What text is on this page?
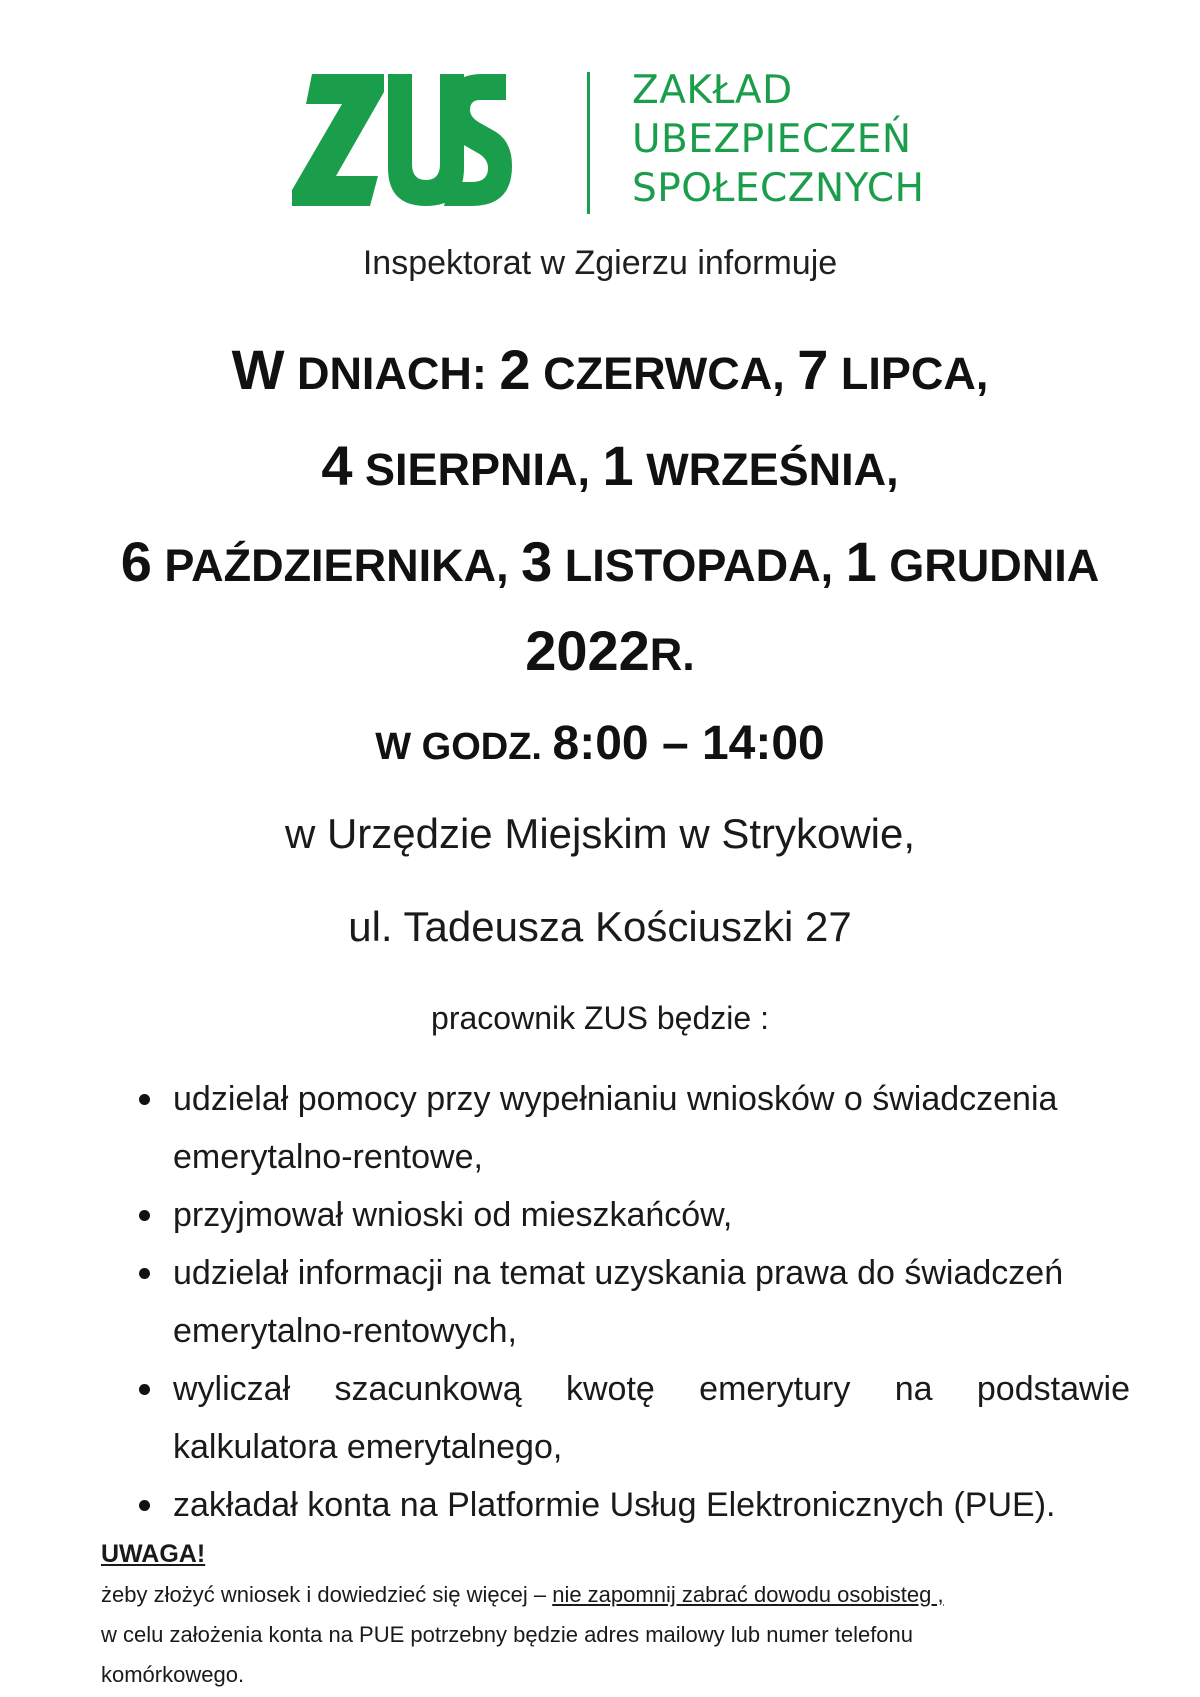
ZAKŁAD
UBEZPIECZEŃ
SPOŁECZNYCH
Inspektorat w Zgierzu informuje
W DNIACH: 2 CZERWCA, 7 LIPCA,
4 SIERPNIA, 1 WRZEŚNIA,
6 PAŹDZIERNIKA, 3 LISTOPADA, 1 GRUDNIA
2022R.
W GODZ. 8:00 – 14:00
w Urzędzie Miejskim w Strykowie,
ul. Tadeusza Kościuszki 27
pracownik ZUS będzie :
udzielał pomocy przy wypełnianiu wniosków o świadczenia
emerytalno-rentowe,
przyjmował wnioski od mieszkańców,
udzielał informacji na temat uzyskania prawa do świadczeń
emerytalno-rentowych,
wyliczał szacunkową kwotę emerytury na podstawie
kalkulatora emerytalnego,
zakładał konta na Platformie Usług Elektronicznych (PUE).
UWAGA!

żeby złożyć wniosek i dowiedzieć się więcej – nie zapomnij zabrać dowodu osobisteg ,

w celu założenia konta na PUE potrzebny będzie adres mailowy lub numer telefonu

komórkowego.
